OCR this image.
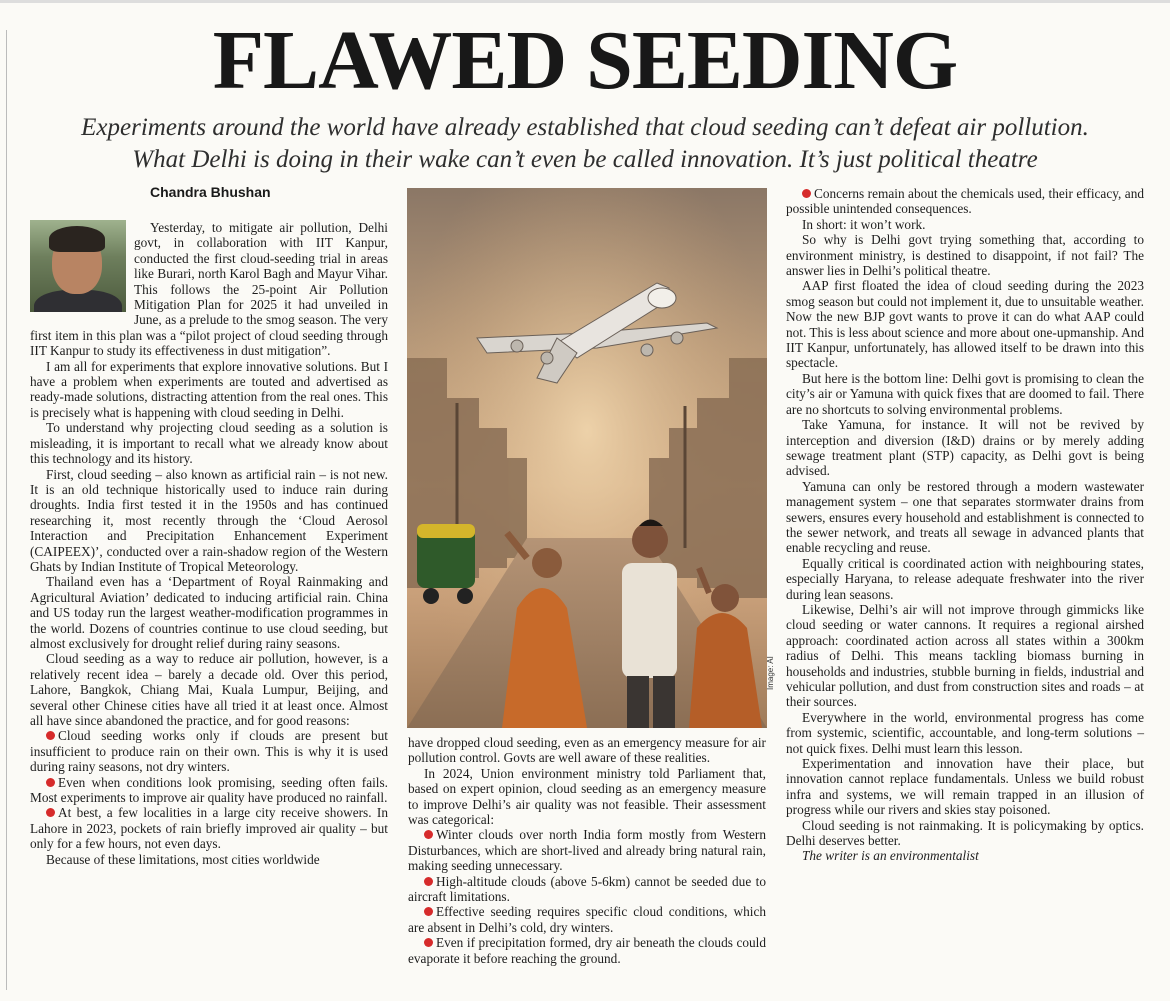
FLAWED SEEDING
Experiments around the world have already established that cloud seeding can’t defeat air pollution.
What Delhi is doing in their wake can’t even be called innovation. It’s just political theatre
Chandra Bhushan

Yesterday, to mitigate air pollution, Delhi govt, in collaboration with IIT Kanpur, conducted the first cloud-seeding trial in areas like Burari, north Karol Bagh and Mayur Vihar. This follows the 25-point Air Pollution Mitigation Plan for 2025 it had unveiled in June, as a prelude to the smog season. The very first item in this plan was a “pilot project of cloud seeding through IIT Kanpur to study its effectiveness in dust mitigation”.

I am all for experiments that explore innovative solutions. But I have a problem when experiments are touted and advertised as ready-made solutions, distracting attention from the real ones. This is precisely what is happening with cloud seeding in Delhi.

To understand why projecting cloud seeding as a solution is misleading, it is important to recall what we already know about this technology and its history.

First, cloud seeding – also known as artificial rain – is not new. It is an old technique historically used to induce rain during droughts. India first tested it in the 1950s and has continued researching it, most recently through the ‘Cloud Aerosol Interaction and Precipitation Enhancement Experiment (CAIPEEX)’, conducted over a rain-shadow region of the Western Ghats by Indian Institute of Tropical Meteorology.

Thailand even has a ‘Department of Royal Rainmaking and Agricultural Aviation’ dedicated to inducing artificial rain. China and US today run the largest weather-modification programmes in the world. Dozens of countries continue to use cloud seeding, but almost exclusively for drought relief during rainy seasons.

Cloud seeding as a way to reduce air pollution, however, is a relatively recent idea – barely a decade old. Over this period, Lahore, Bangkok, Chiang Mai, Kuala Lumpur, Beijing, and several other Chinese cities have all tried it at least once. Almost all have since abandoned the practice, and for good reasons:

Cloud seeding works only if clouds are present but insufficient to produce rain on their own. This is why it is used during rainy seasons, not dry winters.

Even when conditions look promising, seeding often fails. Most experiments to improve air quality have produced no rainfall.

At best, a few localities in a large city receive showers. In Lahore in 2023, pockets of rain briefly improved air quality – but only for a few hours, not even days.

Because of these limitations, most cities worldwide

Image: AI

have dropped cloud seeding, even as an emergency measure for air pollution control. Govts are well aware of these realities.

In 2024, Union environment ministry told Parliament that, based on expert opinion, cloud seeding as an emergency measure to improve Delhi’s air quality was not feasible. Their assessment was categorical:

Winter clouds over north India form mostly from Western Disturbances, which are short-lived and already bring natural rain, making seeding unnecessary.

High-altitude clouds (above 5-6km) cannot be seeded due to aircraft limitations.

Effective seeding requires specific cloud conditions, which are absent in Delhi’s cold, dry winters.

Even if precipitation formed, dry air beneath the clouds could evaporate it before reaching the ground.

Concerns remain about the chemicals used, their efficacy, and possible unintended consequences.

In short: it won’t work.

So why is Delhi govt trying something that, according to environment ministry, is destined to disappoint, if not fail? The answer lies in Delhi’s political theatre.

AAP first floated the idea of cloud seeding during the 2023 smog season but could not implement it, due to unsuitable weather. Now the new BJP govt wants to prove it can do what AAP could not. This is less about science and more about one-upmanship. And IIT Kanpur, unfortunately, has allowed itself to be drawn into this spectacle.

But here is the bottom line: Delhi govt is promising to clean the city’s air or Yamuna with quick fixes that are doomed to fail. There are no shortcuts to solving environmental problems.

Take Yamuna, for instance. It will not be revived by interception and diversion (I&D) drains or by merely adding sewage treatment plant (STP) capacity, as Delhi govt is being advised.

Yamuna can only be restored through a modern wastewater management system – one that separates stormwater drains from sewers, ensures every household and establishment is connected to the sewer network, and treats all sewage in advanced plants that enable recycling and reuse.

Equally critical is coordinated action with neighbouring states, especially Haryana, to release adequate freshwater into the river during lean seasons.

Likewise, Delhi’s air will not improve through gimmicks like cloud seeding or water cannons. It requires a regional airshed approach: coordinated action across all states within a 300km radius of Delhi. This means tackling biomass burning in households and industries, stubble burning in fields, industrial and vehicular pollution, and dust from construction sites and roads – at their sources.

Everywhere in the world, environmental progress has come from systemic, scientific, accountable, and long-term solutions – not quick fixes. Delhi must learn this lesson.

Experimentation and innovation have their place, but innovation cannot replace fundamentals. Unless we build robust infra and systems, we will remain trapped in an illusion of progress while our rivers and skies stay poisoned.

Cloud seeding is not rainmaking. It is policymaking by optics. Delhi deserves better.

The writer is an environmentalist
